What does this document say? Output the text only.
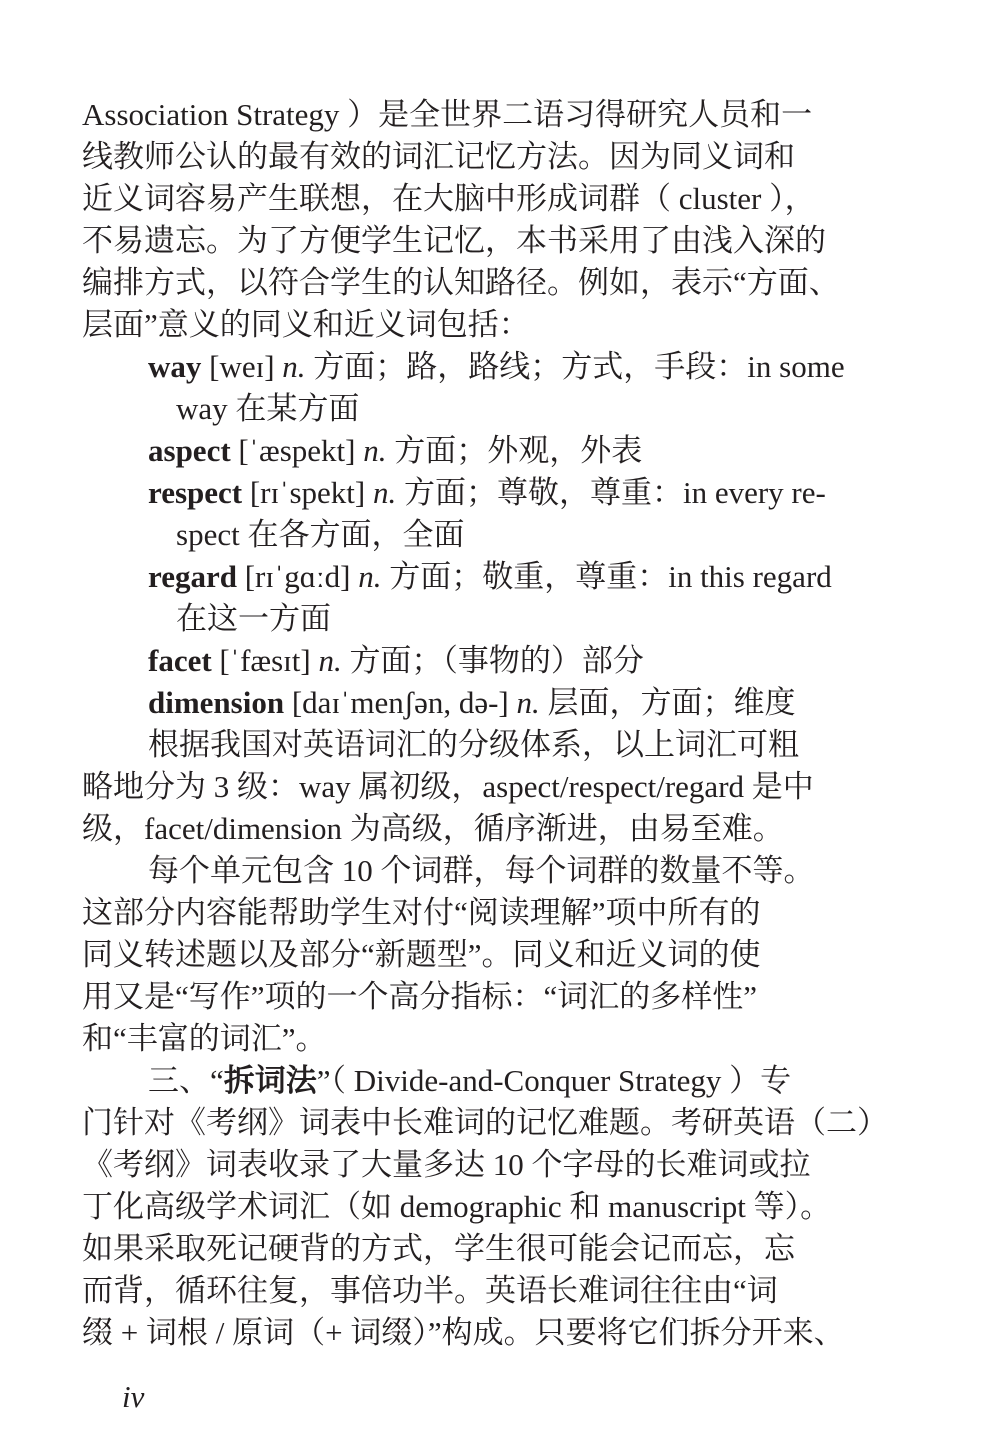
Association Strategy ）是全世界二语习得研究人员和一
线教师公认的最有效的词汇记忆方法。因为同义词和
近义词容易产生联想，在大脑中形成词群（ cluster ），
不易遗忘。为了方便学生记忆，本书采用了由浅入深的
编排方式，以符合学生的认知路径。例如，表示“方面、
层面”意义的同义和近义词包括：
way [weɪ] n. 方面；路，路线；方式，手段：in some
way 在某方面
aspect [ˈæspekt] n. 方面；外观，外表
respect [rɪˈspekt] n. 方面；尊敬，尊重：in every re-
spect 在各方面，全面
regard [rɪˈgɑːd] n. 方面；敬重，尊重：in this regard
在这一方面
facet [ˈfæsɪt] n. 方面；（事物的）部分
dimension [daɪˈmenʃən, də-] n. 层面，方面；维度
根据我国对英语词汇的分级体系，以上词汇可粗
略地分为 3 级：way 属初级，aspect/respect/regard 是中
级，facet/dimension 为高级，循序渐进，由易至难。
每个单元包含 10 个词群，每个词群的数量不等。
这部分内容能帮助学生对付“阅读理解”项中所有的
同义转述题以及部分“新题型”。同义和近义词的使
用又是“写作”项的一个高分指标：“词汇的多样性”
和“丰富的词汇”。
三、“拆词法”（ Divide-and-Conquer Strategy ）专
门针对《考纲》词表中长难词的记忆难题。考研英语（二）
《考纲》词表收录了大量多达 10 个字母的长难词或拉
丁化高级学术词汇（如 demographic 和 manuscript 等）。
如果采取死记硬背的方式，学生很可能会记而忘，忘
而背，循环往复，事倍功半。英语长难词往往由“词
缀 + 词根 / 原词（+ 词缀）”构成。只要将它们拆分开来、
iv
